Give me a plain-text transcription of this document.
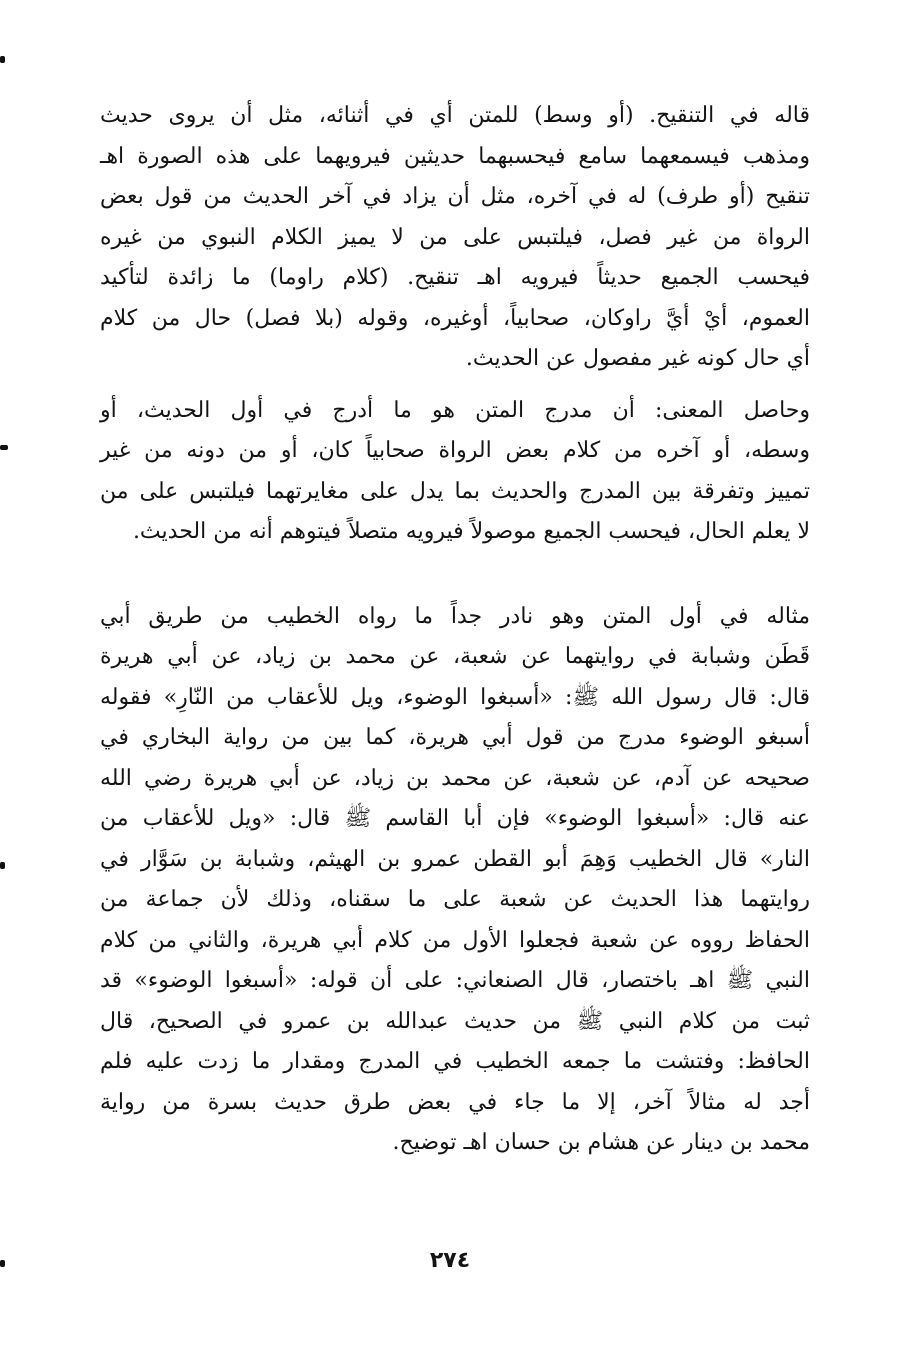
قاله في التنقيح. (أو وسط) للمتن أي في أثنائه، مثل أن يروى حديث

ومذهب فيسمعهما سامع فيحسبهما حديثين فيرويهما على هذه الصورة اهـ

تنقيح (أو طرف) له في آخره، مثل أن يزاد في آخر الحديث من قول بعض

الرواة من غير فصل، فيلتبس على من لا يميز الكلام النبوي من غيره

فيحسب الجميع حديثاً فيرويه اهـ تنقيح. (كلام راوما) ما زائدة لتأكيد

العموم، أيْ أيَّ راوكان، صحابياً، أوغيره، وقوله (بلا فصل) حال من كلام

أي حال كونه غير مفصول عن الحديث.

وحاصل المعنى: أن مدرج المتن هو ما أدرج في أول الحديث، أو

وسطه، أو آخره من كلام بعض الرواة صحابياً كان، أو من دونه من غير

تمييز وتفرقة بين المدرج والحديث بما يدل على مغايرتهما فيلتبس على من

لا يعلم الحال، فيحسب الجميع موصولاً فيرويه متصلاً فيتوهم أنه من الحديث.

مثاله في أول المتن وهو نادر جداً ما رواه الخطيب من طريق أبي

قَطَن وشبابة في روايتهما عن شعبة، عن محمد بن زياد، عن أبي هريرة

قال: قال رسول الله ﷺ: «أسبغوا الوضوء، ويل للأعقاب من النّارِ» فقوله

أسبغو الوضوء مدرج من قول أبي هريرة، كما بين من رواية البخاري في

صحيحه عن آدم، عن شعبة، عن محمد بن زياد، عن أبي هريرة رضي الله

عنه قال: «أسبغوا الوضوء» فإن أبا القاسم ﷺ قال: «ويل للأعقاب من

النار» قال الخطيب وَهِمَ أبو القطن عمرو بن الهيثم، وشبابة بن سَوَّار في

روايتهما هذا الحديث عن شعبة على ما سقناه، وذلك لأن جماعة من

الحفاظ رووه عن شعبة فجعلوا الأول من كلام أبي هريرة، والثاني من كلام

النبي ﷺ اهـ باختصار، قال الصنعاني: على أن قوله: «أسبغوا الوضوء» قد

ثبت من كلام النبي ﷺ من حديث عبدالله بن عمرو في الصحيح، قال

الحافظ: وفتشت ما جمعه الخطيب في المدرج ومقدار ما زدت عليه فلم

أجد له مثالاً آخر، إلا ما جاء في بعض طرق حديث بسرة من رواية

محمد بن دينار عن هشام بن حسان اهـ توضيح.

٢٧٤
